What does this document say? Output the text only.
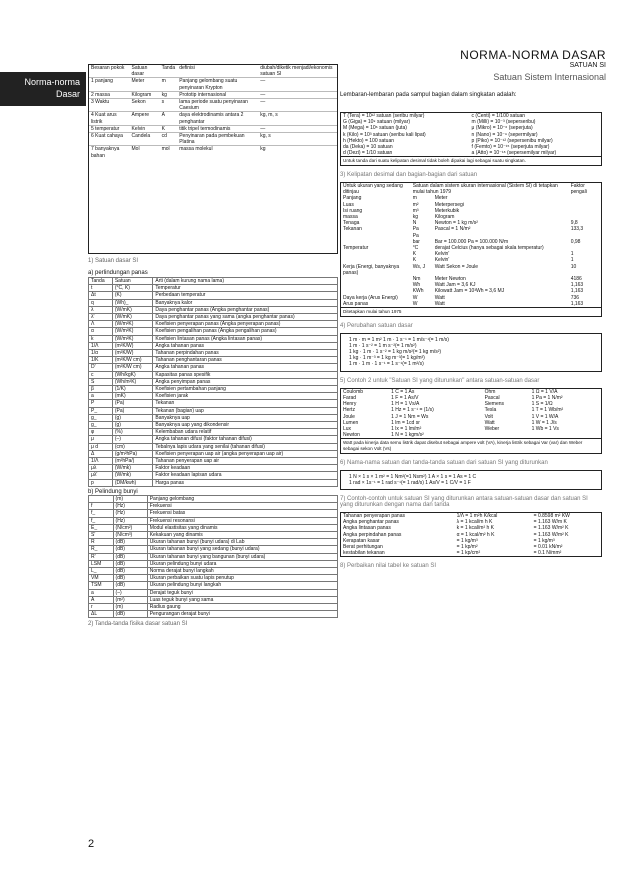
Norma-norma Dasar
NORMA-NORMA DASAR
SATUAN SI
Satuan Sistem Internasional
Besaran pokok	Satuan dasar	Tanda	definisi	diubah/diketik menjadi/ekonomis satuan SI
1 panjang	Meter	m	Panjang gelombang suatu penyinaran Krypton	—
2 massa	Kilogram	kg	Prototip internasional	—
3 Waktu	Sekon	s	lama periode suatu penyinaran Caesium	—
4 Kuat arus listrik	Ampere	A	daya elektrodinamis antara 2 penghantar	kg, m, s
5 temperatur	Kelvin	K	titik tripel termodinamis	—
6 Kuat cahaya	Candela	cd	Penyinaran pada pembekuan Platina	kg, s
7 banyaknya bahan	Mol	mol	massa molekul	kg
1) Satuan dasar SI
a) perlindungan panas
Tanda	Satuan	Arti (dalam kurung nama lama)
t	(°C, K)	Temperatur
Δt	(K)	Perbedaan temperatur
q	(Wh)_	Banyaknya kalor
λ	(W/mK)	Daya penghantar panas (Angka penghantar panas)
λ'	(W/mK)	Daya penghantar panas yang sama (angka penghantar panas)
Λ	(W/m²K)	Koefisien penyerapan panas (Angka penyerapan panas)
α	(W/m²K)	Koefisien pengalihan panas (Angka pengalihan panas)
k	(W/m²K)	Koefisien lintasan panas (Angka lintasan panas)
1/Λ	(m²K/W)	Angka tahanan panas
1/α	(m²K/W)	Tahanan perpindahan panas
1/K	(m²K/W cm)	Tahanan penghantaran panas
D'	(m²K/W cm)	Angka tahanan panas
c	(Wh/kgK)	Kapasitas panas spesifik
S	(Wh/m²K)	Angka penyimpan panas
β	(1/K)	Koefisien pertambahan panjang
a	(mK)	Koefisien jarak
P	(Pa)	Tekanan
P_	(Pa)	Tekanan (bagian) uap
g_	(g)	Banyaknya uap
g_	(g)	Banyaknya uap yang dikondensir
φ	(%)	Kelembaban udara relatif
μ	(–)	Angka tahanan difusi (faktor tahanan difusi)
μ d	(cm)	Tebalnya lapis udara yang senilai (tahanan difusi)
Δ	(g/m²hPa)	Koefisien penyerapan uap air (angka penyerapan uap air)
1/Λ	(m²hPa/)	Tahanan penyerapan uap air
μλ	(W/mk)	Faktor keadaan
μλ'	(W/mk)	Faktor keadaan lapisan udara
p	(DM/kwh)	Harga panas
b) Pelindung bunyi
	(m)	Panjang gelombang
f	(Hz)	Frekuensi
f_	(Hz)	Frekuensi batas
f_	(Hz)	Frekuensi resonansi
E_	(N/cm²)	Modul elastisitas yang dinamis
S'	(N/cm³)	Kekakuan yang dinamis
R	(dB)	Ukuran tahanan bunyi (bunyi udara) di Lab
R_	(dB)	Ukuran tahanan bunyi yang sedang (bunyi udara)
R'	(dB)	Ukuran tahanan bunyi yang bangunan (bunyi udara)
LSM	(dB)	Ukuran pelindung bunyi udara
L_	(dB)	Norma derajat bunyi langkah
VM	(dB)	Ukuran perbaikan suatu lapis penutup
TSM	(dB)	Ukuran pelindung bunyi langkah
a	(–)	Derajat teguk bunyi
A	(m²)	Luas teguk bunyi yang sama
r	(m)	Radius gaung
ΔL	(dB)	Pengurangan derajat bunyi
2) Tanda-tanda fisika dasar satuan SI
2
Lembaran-lembaran pada sampul bagian dalam singkatan adalah:
T (Tera) = 10¹² satuan (seribu milyar)	c (Centi) = 1/100 satuan
G (Giga) = 10⁹ satuan (milyar)	m (Milli) = 10⁻³ (seperseribu)
M (Mega) = 10⁶ satuan (juta)	μ (Mikro) = 10⁻⁶ (seperjuta)
k (Kilo) = 10³ satuan (seribu kali lipat)	n (Nano) = 10⁻⁹ (sepermilyar)
h (Hekto) = 100 satuan	p (Piko) = 10⁻¹² (sepersenibu milyar)
da (Deka) = 10 satuan	f (Femto) = 10⁻¹⁵ (seperjuta milyar)
d (Dezi) = 1/10 satuan	a (Atto) = 10⁻¹⁸ (sepersemilyar milyar)
Untuk tanda dari suatu kelipatan desimal tidak boleh dipakai lagi sebagai suatu singkatan.
3) Kelipatan desimal dan bagian-bagian dari satuan
Untuk ukuran yang sedang ditinjau	Satuan dalam sistem ukuran internasional (Sistem SI) di tetapkan mulai tahun 1979		Faktor pengali
Panjang	m	Meter	
Luas	m²	Meterpersegi	
Isi ruang	m³	Meterkubik	
massa	kg	Kilogram	
Tenaga	N	Newton = 1 kg m/s²	9,8
Tekanan	Pa	Pascal = 1 N/m²	133,3
	Pa		
	bar	Bar = 100.000 Pa = 100.000 N/m	0,98
Temperatur	°C	derajat Celcius (hanya sebagai skala temperatur)	
	K	Kelvin'	1
	K	Kelvin'	1
Kerja (Energi, banyaknya panas)	Ws, J	Watt Sekon = Joule	10
	Nm	Meter Newton	4186
	Wh	Watt Jam = 3,6 KJ	1,163
	KWh	Kilowatt Jam = 10³Wh = 3,6 MJ	1,163
Daya kerja (Arus Energi)	W	Watt	736
Arus panas	W	Watt	1,163
Ditetapkan mulai tahun 1975
4) Perubahan satuan dasar
1 m · m = 1 m² 1 m · 1 s⁻¹ = 1 m/s⁻¹(= 1 m/s)
1 m · 1 s⁻² = 1 m s⁻²(= 1 m/s²)
1 kg · 1 m · 1 s⁻² = 1 kg m/s²(= 1 kg m/s²)
1 kg · 1 m⁻³ = 1 kg m⁻³(= 1 kg/m³)
1 m · 1 m · 1 s⁻¹ = 1 s⁻¹(= 1 m²/s)
5) Contoh 2 untuk "Satuan SI yang diturunkan" antara satuan-satuan dasar
Coulomb	1 C = 1 As	Ohm	1 Ω = 1 V/A
Farad	1 F = 1 As/V	Pascal	1 Pa = 1 N/m²
Henry	1 H = 1 Vs/A	Siemens	1 S = 1/Ω
Hertz	1 Hz = 1 s⁻¹ = (1/s)	Tesla	1 T = 1 Wb/m²
Joule	1 J = 1 Nm = Ws	Volt	1 V = 1 W/A
Lumen	1 lm = 1cd sr	Watt	1 W = 1 J/s
Lux	1 lx = 1 lm/m²	Weber	1 Wb = 1 Vs
Newton	1 N = 1 kgm/s²		
Watt pada kinerja data semu listrik dapat disebut sebagai ampere volt (VA), kinerja listrik sebagai Var (var) dan Weber sebagai sekon Volt (Vs)
6) Nama-nama satuan dan tanda-tanda satuan dari satuan SI yang diturunkan
1 N × 1 s × 1 m² = 1 Nm²(=1 Nsm²) 1 A × 1 s = 1 As = 1 C
1 rad × 1s⁻¹ = 1 rad s⁻¹(= 1 rad/s) 1 As/V = 1 C/V = 1 F
7) Contoh-contoh untuk satuan SI yang diturunkan antara satuan-satuan dasar dan satuan SI yang diturunkan dengan nama dan tanda
Tahanan penyerapan panas	1/Λ = 1 m²h K/kcal	= 0.8598 m² KW
Angka penghantar panas	λ = 1 kcal/m h K	= 1.163 W/m K
Angka lintasan panas	k = 1 kcal/m² h K	= 1.163 W/m² K
Angka perpindahan panas	α = 1 kcal/m² h K	= 1.163 W/m² K
Kerapatan kasar	= 1 kg/m³	= 1 kg/m³
Berat perhitungan	= 1 kp/m²	= 0.01 kN/m²
kestabilan tekanan	= 1 kp/cm²	= 0.1 N/mm²
8) Perbaikan nilai tabel ke satuan SI
